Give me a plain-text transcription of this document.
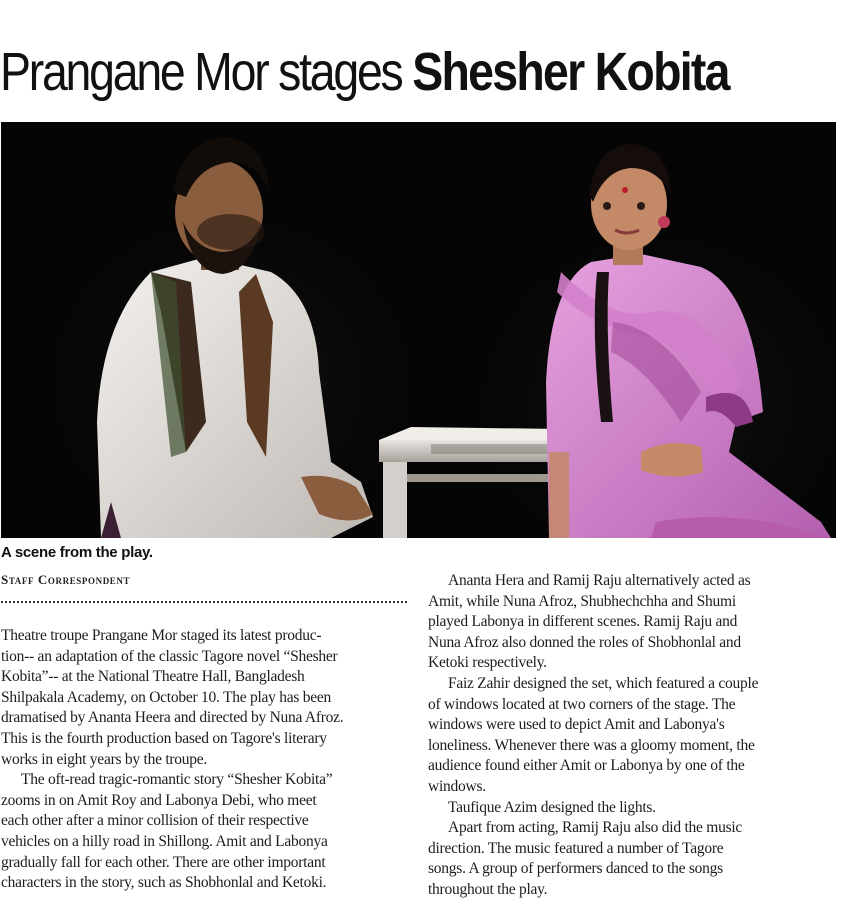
Prangane Mor stages Shesher Kobita
A scene from the play.
Staff Correspondent

Theatre troupe Prangane Mor staged its latest produc-
tion-- an adaptation of the classic Tagore novel “Shesher
Kobita”-- at the National Theatre Hall, Bangladesh
Shilpakala Academy, on October 10. The play has been
dramatised by Ananta Heera and directed by Nuna Afroz.
This is the fourth production based on Tagore's literary
works in eight years by the troupe.

The oft-read tragic-romantic story “Shesher Kobita”
zooms in on Amit Roy and Labonya Debi, who meet
each other after a minor collision of their respective
vehicles on a hilly road in Shillong. Amit and Labonya
gradually fall for each other. There are other important
characters in the story, such as Shobhonlal and Ketoki.

Ananta Hera and Ramij Raju alternatively acted as
Amit, while Nuna Afroz, Shubhechchha and Shumi
played Labonya in different scenes. Ramij Raju and
Nuna Afroz also donned the roles of Shobhonlal and
Ketoki respectively.

Faiz Zahir designed the set, which featured a couple
of windows located at two corners of the stage. The
windows were used to depict Amit and Labonya's
loneliness. Whenever there was a gloomy moment, the
audience found either Amit or Labonya by one of the
windows.

Taufique Azim designed the lights.

Apart from acting, Ramij Raju also did the music
direction. The music featured a number of Tagore
songs. A group of performers danced to the songs
throughout the play.
